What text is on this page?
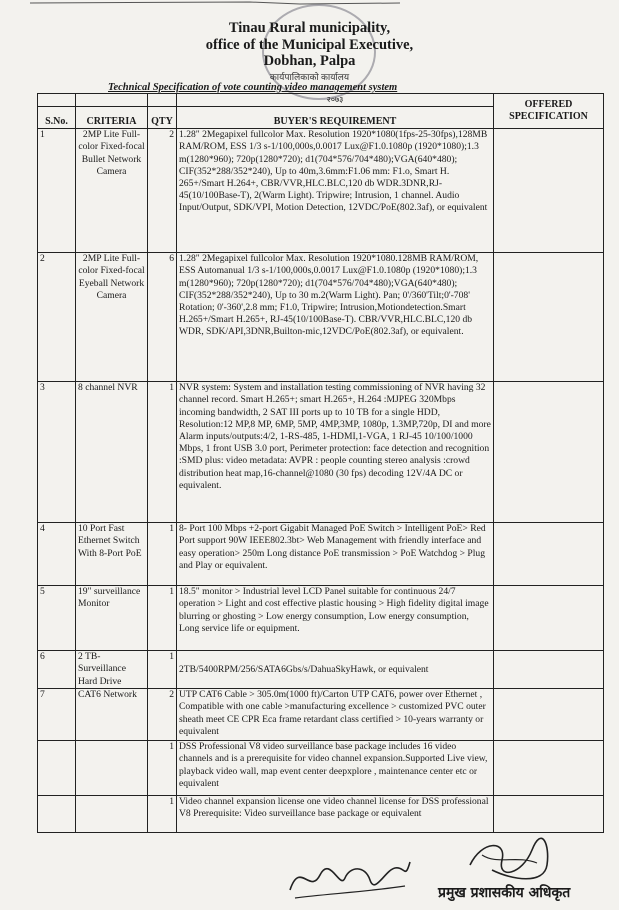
Tinau Rural municipality,
office of the Municipal Executive,
Dobhan, Palpa
कार्यपालिकाको कार्यालय
Technical Specification of vote counting video management system
			२०७३	OFFERED SPECIFICATION
S.No.	CRITERIA	QTY	BUYER'S REQUIREMENT	
1	2MP Lite Full-color Fixed-focal Bullet Network Camera	2	1.28" 2Megapixel fullcolor Max. Resolution 1920*1080(1fps-25-30fps),128MB RAM/ROM, ESS 1/3 s-1/100,000s,0.0017 Lux@F1.0.1080p (1920*1080);1.3 m(1280*960); 720p(1280*720); d1(704*576/704*480);VGA(640*480); CIF(352*288/352*240), Up to 40m,3.6mm:F1.06 mm: F1.o, Smart H. 265+/Smart H.264+, CBR/VVR,HLC.BLC,120 db WDR.3DNR,RJ-45(10/100Base-T), 2(Warm Light). Tripwire; Intrusion, 1 channel. Audio Input/Output, SDK/VPI, Motion Detection, 12VDC/PoE(802.3af), or equivalent	
2	2MP Lite Full-color Fixed-focal Eyeball Network Camera	6	1.28" 2Megapixel fullcolor Max. Resolution 1920*1080.128MB RAM/ROM, ESS Automanual 1/3 s-1/100,000s,0.0017 Lux@F1.0.1080p (1920*1080);1.3 m(1280*960); 720p(1280*720); d1(704*576/704*480);VGA(640*480); CIF(352*288/352*240), Up to 30 m.2(Warm Light). Pan; 0'/360'Tilt;0'-708' Rotation; 0'-360',2.8 mm; F1.0, Tripwire; Intrusion,Motiondetection.Smart H.265+/Smart H.265+, RJ-45(10/100Base-T). CBR/VVR,HLC.BLC,120 db WDR, SDK/API,3DNR,Builton-mic,12VDC/PoE(802.3af), or equivalent.	
3	8 channel NVR	1	NVR system: System and installation testing commissioning of NVR having 32 channel record. Smart H.265+; smart H.265+, H.264 :MJPEG 320Mbps incoming bandwidth, 2 SAT III ports up to 10 TB for a single HDD, Resolution:12 MP,8 MP, 6MP, 5MP, 4MP,3MP, 1080p, 1.3MP,720p, DI and more Alarm inputs/outputs:4/2, 1-RS-485, 1-HDMI,1-VGA, 1 RJ-45 10/100/1000 Mbps, 1 front USB 3.0 port, Perimeter protection: face detection and recognition :SMD plus: video metadata: AVPR : people counting stereo analysis :crowd distribution heat map,16-channel@1080 (30 fps) decoding 12V/4A DC or equivalent.	
4	10 Port Fast Ethernet Switch With 8-Port PoE	1	8- Port 100 Mbps +2-port Gigabit Managed PoE Switch > Intelligent PoE> Red Port support 90W IEEE802.3bt> Web Management with friendly interface and easy operation> 250m Long distance PoE transmission > PoE Watchdog > Plug and Play or equivalent.	
5	19" surveillance Monitor	1	18.5" monitor > Industrial level LCD Panel suitable for continuous 24/7 operation > Light and cost effective plastic housing > High fidelity digital image blurring or ghosting > Low energy consumption, Low energy consumption, Long service life or equipment.	
6	2 TB- Surveillance Hard Drive	1	2TB/5400RPM/256/SATA6Gbs/s/DahuaSkyHawk, or equivalent	
7	CAT6 Network	2	UTP CAT6 Cable > 305.0m(1000 ft)/Carton UTP CAT6, power over Ethernet , Compatible with one cable >manufacturing excellence > customized PVC outer sheath meet CE CPR Eca frame retardant class certified > 10-years warranty or equivalent	
		1	DSS Professional V8 video surveillance base package includes 16 video channels and is a prerequisite for video channel expansion.Supported Live view, playback video wall, map event center deepxplore , maintenance center etc or equivalent	
		1	Video channel expansion license one video channel license for DSS professional V8 Prerequisite: Video surveillance base package or equivalent	
प्रमुख प्रशासकीय अधिकृत
